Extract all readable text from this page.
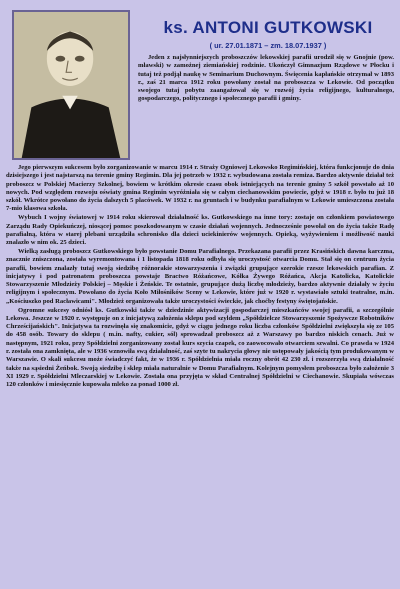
ks. ANTONI GUTKOWSKI
( ur. 27.01.1871 – zm. 18.07.1937 )

Jeden z najsłynniejszych proboszczów lekowskiej parafii urodził się w Gnojnie (pow. mławski) w zamożnej ziemiańskiej rodzinie. Ukończył Gimnazjum Rządowe w Płocku i tutaj też podjął naukę w Seminarium Duchownym. Święcenia kapłańskie otrzymał w 1893 r., zaś 21 marca 1912 roku powołany został na proboszcza w Lekowie. Od początku swojego tutaj pobytu zaangażował się w rozwój życia religijnego, kulturalnego, gospodarczego, politycznego i społecznego parafii i gminy.

Jego pierwszym sukcesem było zorganizowanie w marcu 1914 r. Straży Ogniowej Lekowsko Regimińskiej, która funkcjonuje do dnia dzisiejszego i jest najstarszą na terenie gminy Regimin. Dla jej potrzeb w 1932 r. wybudowana została remiza. Bardzo aktywnie działał też proboszcz w Polskiej Macierzy Szkolnej, bowiem w krótkim okresie czasu obok istniejących na terenie gminy 5 szkół powstało aż 10 nowych. Pod względem rozwoju oświaty gmina Regimin wyróżniała się w całym ciechanowskim powiecie, gdyż w 1918 r. było tu już 18 szkół. Wkrótce powołano do życia dalszych 5 placówek. W 1932 r. na gruntach i w budynku parafialnym w Lekowie umieszczona została 7-mio klasowa szkoła.

Wybuch I wojny światowej w 1914 roku skierował działalność ks. Gutkowskiego na inne tory: zostaje on członkiem powiatowego Zarządu Rady Opiekuńczej, niosącej pomoc poszkodowanym w czasie działań wojennych. Jednocześnie powołał on do życia także Radę parafialną, która w starej plebani urządziła schronisko dla dzieci uciekinierów wojennych. Opieką, wyżywieniem i możliwość nauki znalazło w nim ok. 25 dzieci.

Wielką zasługą proboszcz Gutkowskiego było powstanie Domu Parafialnego. Przekazana parafii przez Krasińskich dawna karczma, znacznie zniszczona, została wyremontowana i 1 listopada 1818 roku odbyła się uroczystość otwarcia Domu. Stał się on centrum życia parafii, bowiem znalazły tutaj swoją siedzibę różnorakie stowarzyszenia i związki grupujące szerokie rzesze lekowskich parafian. Z inicjatywy i pod patronatem proboszcza powstaje Bractwo Różańcowe, Kółka Żywego Różańca, Akcja Katolicka, Katolickie Stowarzyszenie Młodzieży Polskiej – Męskie i Żeńskie. Te ostatnie, grupujące dużą liczbę młodzieży, bardzo aktywnie działały w życiu religijnym i społecznym. Powołano do życia Koło Miłośników Sceny w Lekowie, które już w 1920 r. wystawiało sztuki teatralne, m.in. „Kościuszko pod Racławicami". Młodzież organizowała także uroczystości świeckie, jak choćby festyny świętojańskie.

Ogromne sukcesy odniósł ks. Gutkowski także w dziedzinie aktywizacji gospodarczej mieszkańców swojej parafii, a szczególnie Lekowa. Jeszcze w 1920 r. występuje on z inicjatywą założenia sklepu pod szyldem „Spółdzielcze Stowarzyszenie Spożywcze Robotników Chrześcijańskich". Inicjatywa ta rozwinęła się znakomicie, gdyż w ciągu jednego roku liczba członków Spółdzielni zwiększyła się ze 105 do 458 osób. Towary do sklepu ( m.in. nafty, cukier, sól) sprowadzał proboszcz aż z Warszawy po bardzo niskich cenach. Już w następnym, 1921 roku, przy Spółdzielni zorganizowany został kurs szycia czapek, co zaowocowało otwarciem szwalni. Co prawda w 1924 r. została ona zamknięta, ale w 1936 wznowiła swą działalność, zaś szyte tu nakrycia głowy nie ustępowały jakością tym produkowanym w Warszawie. O skali sukcesu może świadczyć fakt, że w 1936 r. Spółdzielnia miała roczny obrót 42 230 zł. i rozszerzyła swą działalność także na sąsiedni Żeńbok. Swoją siedzibę i sklep miała naturalnie w Domu Parafialnym. Kolejnym pomysłem proboszcza było założenie 3 XI 1929 r. Spółdzielni Mleczarskiej w Lekowie. Została ona przyjęta w skład Centralnej Spółdzielni w Ciechanowie. Skupiała wówczas 120 członków i miesięcznie kupowała mleko za ponad 1000 zł.
